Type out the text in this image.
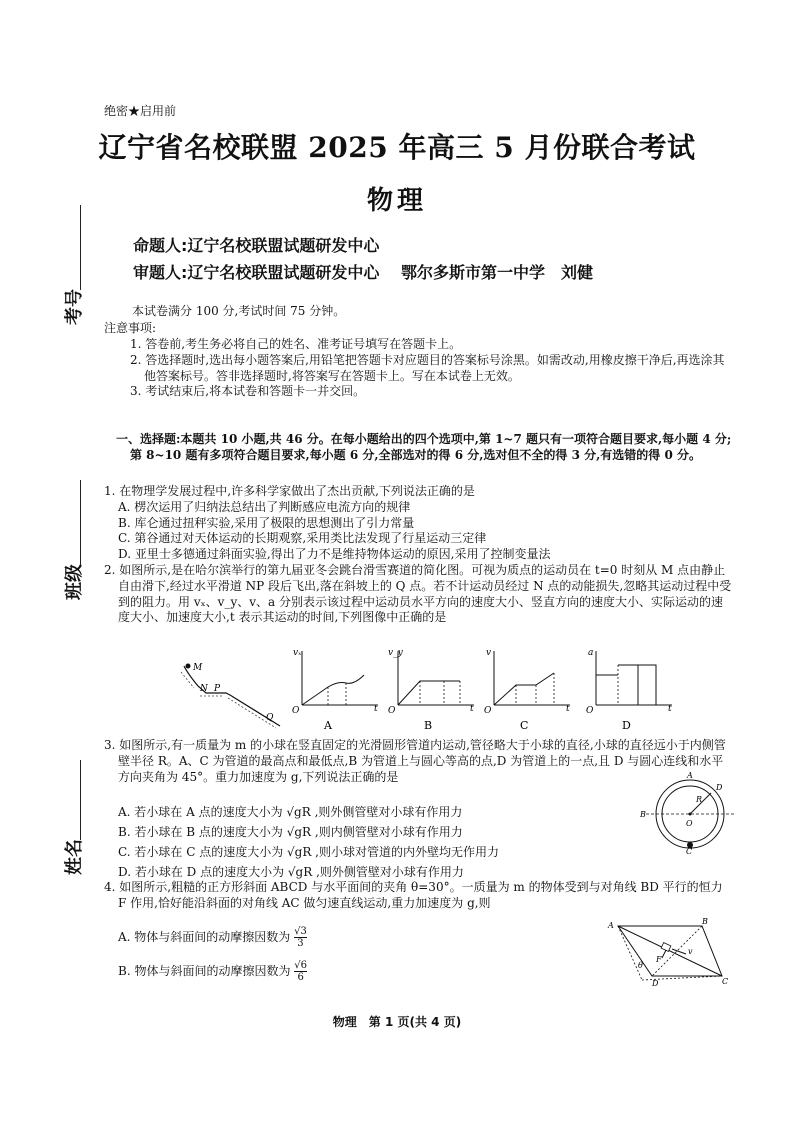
绝密★启用前
辽宁省名校联盟 2025 年高三 5 月份联合考试
物理
命题人:辽宁名校联盟试题研发中心
审题人:辽宁名校联盟试题研发中心　 鄂尔多斯市第一中学　刘健
考号
班级
姓名
本试卷满分 100 分,考试时间 75 分钟。
注意事项:
1. 答卷前,考生务必将自己的姓名、准考证号填写在答题卡上。
2. 答选择题时,选出每小题答案后,用铅笔把答题卡对应题目的答案标号涂黑。如需改动,用橡皮擦干净后,再选涂其他答案标号。答非选择题时,将答案写在答题卡上。写在本试卷上无效。
3. 考试结束后,将本试卷和答题卡一并交回。
一、选择题:本题共 10 小题,共 46 分。在每小题给出的四个选项中,第 1~7 题只有一项符合题目要求,每小题 4 分;第 8~10 题有多项符合题目要求,每小题 6 分,全部选对的得 6 分,选对但不全的得 3 分,有选错的得 0 分。
1. 在物理学发展过程中,许多科学家做出了杰出贡献,下列说法正确的是
A. 楞次运用了归纳法总结出了判断感应电流方向的规律
B. 库仑通过扭秤实验,采用了极限的思想测出了引力常量
C. 第谷通过对天体运动的长期观察,采用类比法发现了行星运动三定律
D. 亚里士多德通过斜面实验,得出了力不是维持物体运动的原因,采用了控制变量法
2. 如图所示,是在哈尔滨举行的第九届亚冬会跳台滑雪赛道的简化图。可视为质点的运动员在 t=0 时刻从 M 点由静止自由滑下,经过水平滑道 NP 段后飞出,落在斜坡上的 Q 点。若不计运动员经过 N 点的动能损失,忽略其运动过程中受到的阻力。用 vₓ、v_y、v、a 分别表示该过程中运动员水平方向的速度大小、竖直方向的速度大小、实际运动的速度大小、加速度大小,t 表示其运动的时间,下列图像中正确的是
M
N P
Q
vₓ
O	t
A
v_y
O	t
B
v
O	t
C
a
O	t
D
3. 如图所示,有一质量为 m 的小球在竖直固定的光滑圆形管道内运动,管径略大于小球的直径,小球的直径远小于内侧管壁半径 R。A、C 为管道的最高点和最低点,B 为管道上与圆心等高的点,D 为管道上的一点,且 D 与圆心连线和水平方向夹角为 45°。重力加速度为 g,下列说法正确的是
A. 若小球在 A 点的速度大小为 √gR ,则外侧管壁对小球有作用力
B. 若小球在 B 点的速度大小为 √gR ,则内侧管壁对小球有作用力
C. 若小球在 C 点的速度大小为 √gR ,则小球对管道的内外壁均无作用力
D. 若小球在 D 点的速度大小为 √gR ,则外侧管壁对小球有作用力
A
B
C
D
O
R
4. 如图所示,粗糙的正方形斜面 ABCD 与水平面间的夹角 θ=30°。一质量为 m 的物体受到与对角线 BD 平行的恒力 F 作用,恰好能沿斜面的对角线 AC 做匀速直线运动,重力加速度为 g,则
A. 物体与斜面间的动摩擦因数为 $\frac{√3}{3}$
B. 物体与斜面间的动摩擦因数为 $\frac{√6}{6}$
A	B
C
D
v
F
θ
物理　第 1 页(共 4 页)
